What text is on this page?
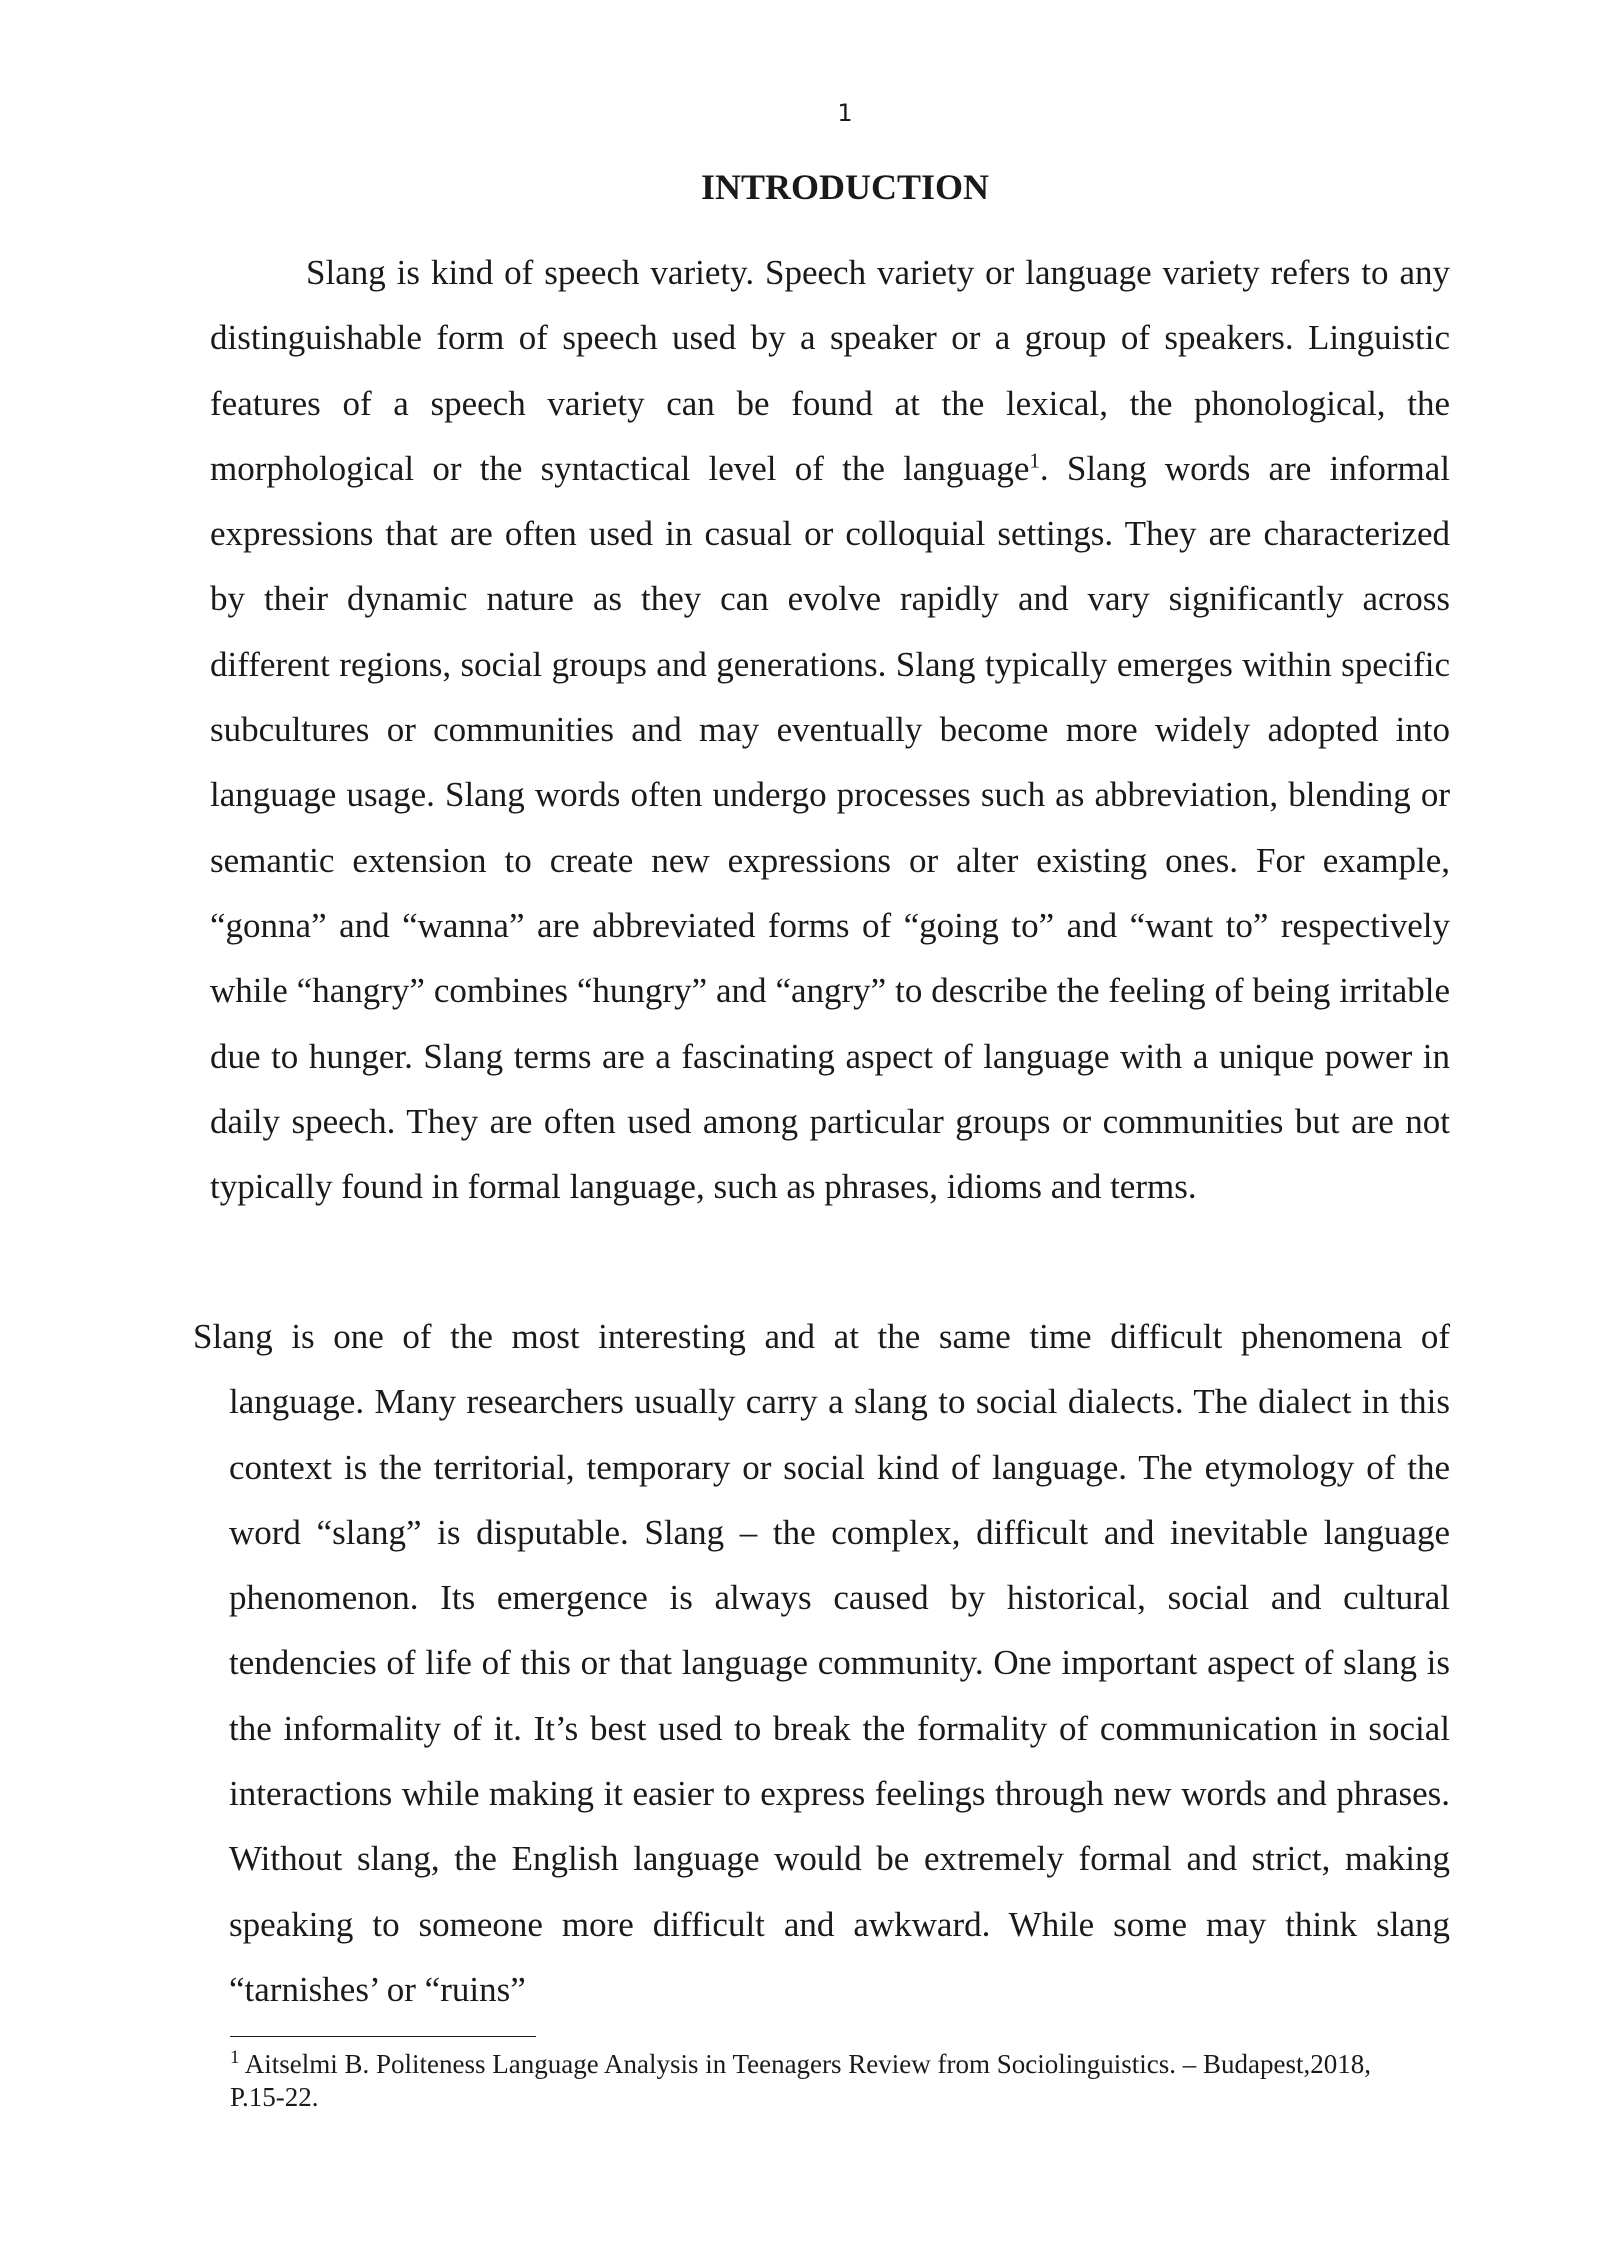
1
INTRODUCTION

Slang is kind of speech variety. Speech variety or language variety refers to any distinguishable form of speech used by a speaker or a group of speakers. Linguistic features of a speech variety can be found at the lexical, the phonological, the morphological or the syntactical level of the language$^1$. Slang words are informal expressions that are often used in casual or colloquial settings. They are characterized by their dynamic nature as they can evolve rapidly and vary significantly across different regions, social groups and generations. Slang typically emerges within specific subcultures or communities and may eventually become more widely adopted into language usage. Slang words often undergo processes such as abbreviation, blending or semantic extension to create new expressions or alter existing ones. For example, “gonna” and “wanna” are abbreviated forms of “going to” and “want to” respectively while “hangry” combines “hungry” and “angry” to describe the feeling of being irritable due to hunger. Slang terms are a fascinating aspect of language with a unique power in daily speech. They are often used among particular groups or communities but are not typically found in formal language, such as phrases, idioms and terms.

Slang is one of the most interesting and at the same time difficult phenomena of language. Many researchers usually carry a slang to social dialects. The dialect in this context is the territorial, temporary or social kind of language. The etymology of the word “slang” is disputable. Slang – the complex, difficult and inevitable language phenomenon. Its emergence is always caused by historical, social and cultural tendencies of life of this or that language community. One important aspect of slang is the informality of it. It’s best used to break the formality of communication in social interactions while making it easier to express feelings through new words and phrases. Without slang, the English language would be extremely formal and strict, making speaking to someone more difficult and awkward. While some may think slang “tarnishes’ or “ruins”

$^1$ Aitselmi B. Politeness Language Analysis in Teenagers Review from Sociolinguistics. – Budapest,2018, P.15-22.
